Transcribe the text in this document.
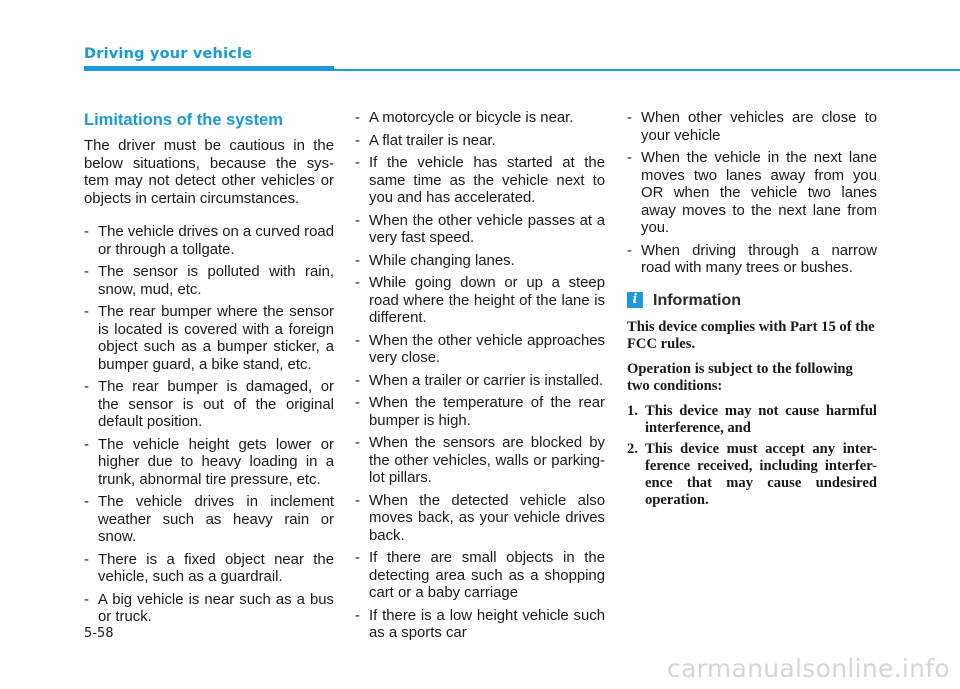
Driving your vehicle
Limitations of the system

The driver must be cautious in the below situations, because the sys-tem may not detect other vehicles or objects in certain circumstances.

- The vehicle drives on a curved road or through a tollgate.
- The sensor is polluted with rain, snow, mud, etc.
- The rear bumper where the sensor is located is covered with a foreign object such as a bumper sticker, a bumper guard, a bike stand, etc.
- The rear bumper is damaged, or the sensor is out of the original default position.
- The vehicle height gets lower or higher due to heavy loading in a trunk, abnormal tire pressure, etc.
- The vehicle drives in inclement weather such as heavy rain or snow.
- There is a fixed object near the vehicle, such as a guardrail.
- A big vehicle is near such as a bus or truck.
- A motorcycle or bicycle is near.
- A flat trailer is near.
- If the vehicle has started at the same time as the vehicle next to you and has accelerated.
- When the other vehicle passes at a very fast speed.
- While changing lanes.
- While going down or up a steep road where the height of the lane is different.
- When the other vehicle approaches very close.
- When a trailer or carrier is installed.
- When the temperature of the rear bumper is high.
- When the sensors are blocked by the other vehicles, walls or parking-lot pillars.
- When the detected vehicle also moves back, as your vehicle drives back.
- If there are small objects in the detecting area such as a shopping cart or a baby carriage
- If there is a low height vehicle such as a sports car
- When other vehicles are close to your vehicle
- When the vehicle in the next lane moves two lanes away from you OR when the vehicle two lanes away moves to the next lane from you.
- When driving through a narrow road with many trees or bushes.
i Information

This device complies with Part 15 of the FCC rules.

Operation is subject to the following two conditions:

1. This device may not cause harmful interference, and
2. This device must accept any inter-ference received, including interfer-ence that may cause undesired operation.
5-58
carmanualsonline.info
